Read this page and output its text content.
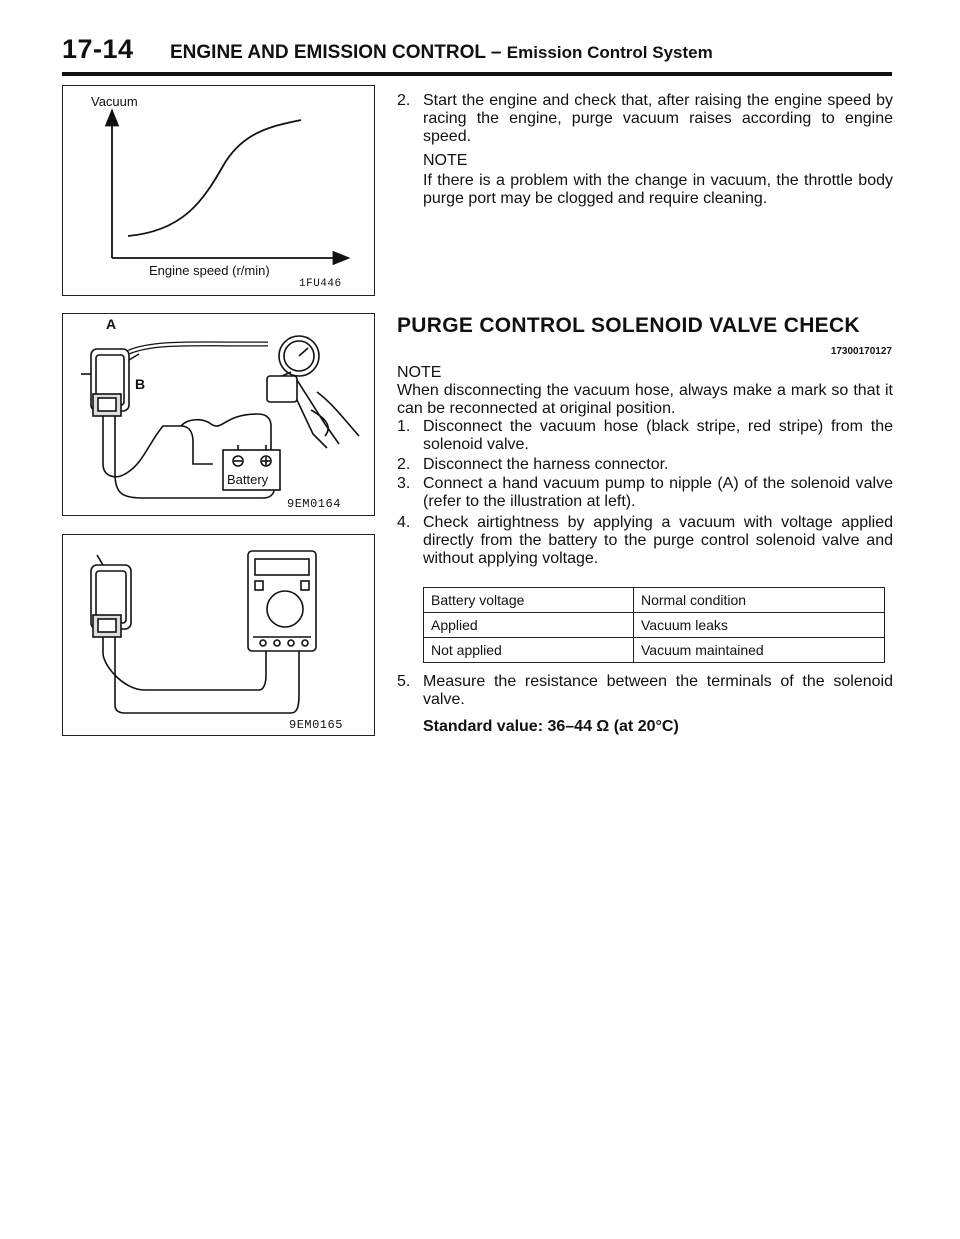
17-14 ENGINE AND EMISSION CONTROL – Emission Control System
Vacuum
Engine speed (r/min)
1FU446
A
B
Battery
9EM0164
9EM0165
2. Start the engine and check that, after raising the engine speed by racing the engine, purge vacuum raises according to engine speed.
NOTE
If there is a problem with the change in vacuum, the throttle body purge port may be clogged and require cleaning.
PURGE CONTROL SOLENOID VALVE CHECK
17300170127
NOTE
When disconnecting the vacuum hose, always make a mark so that it can be reconnected at original position.
1. Disconnect the vacuum hose (black stripe, red stripe) from the solenoid valve.
2. Disconnect the harness connector.
3. Connect a hand vacuum pump to nipple (A) of the solenoid valve (refer to the illustration at left).
4. Check airtightness by applying a vacuum with voltage applied directly from the battery to the purge control solenoid valve and without applying voltage.
Battery voltage	Normal condition
Applied	Vacuum leaks
Not applied	Vacuum maintained
5. Measure the resistance between the terminals of the solenoid valve.
Standard value: 36–44 Ω (at 20°C)
